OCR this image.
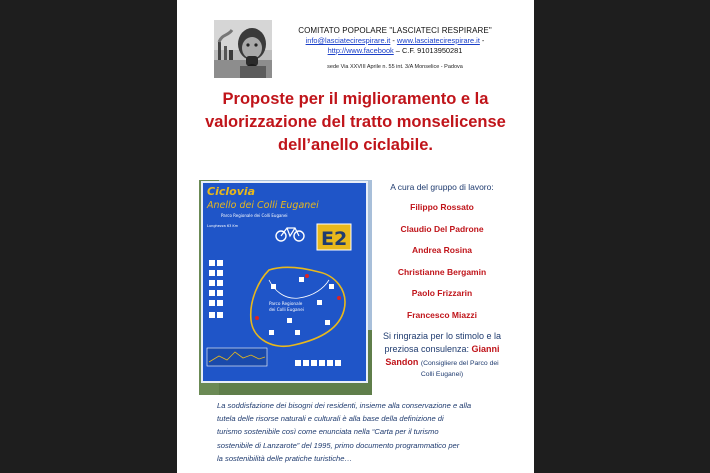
COMITATO POPOLARE "LASCIATECI RESPIRARE"
info@lasciatecirespirare.it - www.lasciatecirespirare.it -
http://www.facebook – C.F. 91013950281
sede Via XXVIII Aprile n. 55 int. 3/A Monselice - Padova
Proposte per il miglioramento e la
valorizzazione del tratto monselicense
dell’anello ciclabile.
Ciclovia
Anello dei Colli Euganei
Parco Regionale dei Colli Euganei
Lunghezza 63 Km
E2
Parco Regionale
dei Colli Euganei
A cura del gruppo di lavoro:
Filippo Rossato
Claudio Del Padrone
Andrea Rosina
Christianne Bergamin
Paolo Frizzarin
Francesco Miazzi
Si ringrazia per lo stimolo e la
preziosa consulenza: Gianni
Sandon (Consigliere del Parco dei
Colli Euganei)
La soddisfazione dei bisogni dei residenti, insieme alla conservazione e alla
tutela delle risorse naturali e culturali è alla base della definizione di
turismo sostenibile così come enunciata nella “Carta per il turismo
sostenibile di Lanzarote” del 1995, primo documento programmatico per
la sostenibilità delle pratiche turistiche…
